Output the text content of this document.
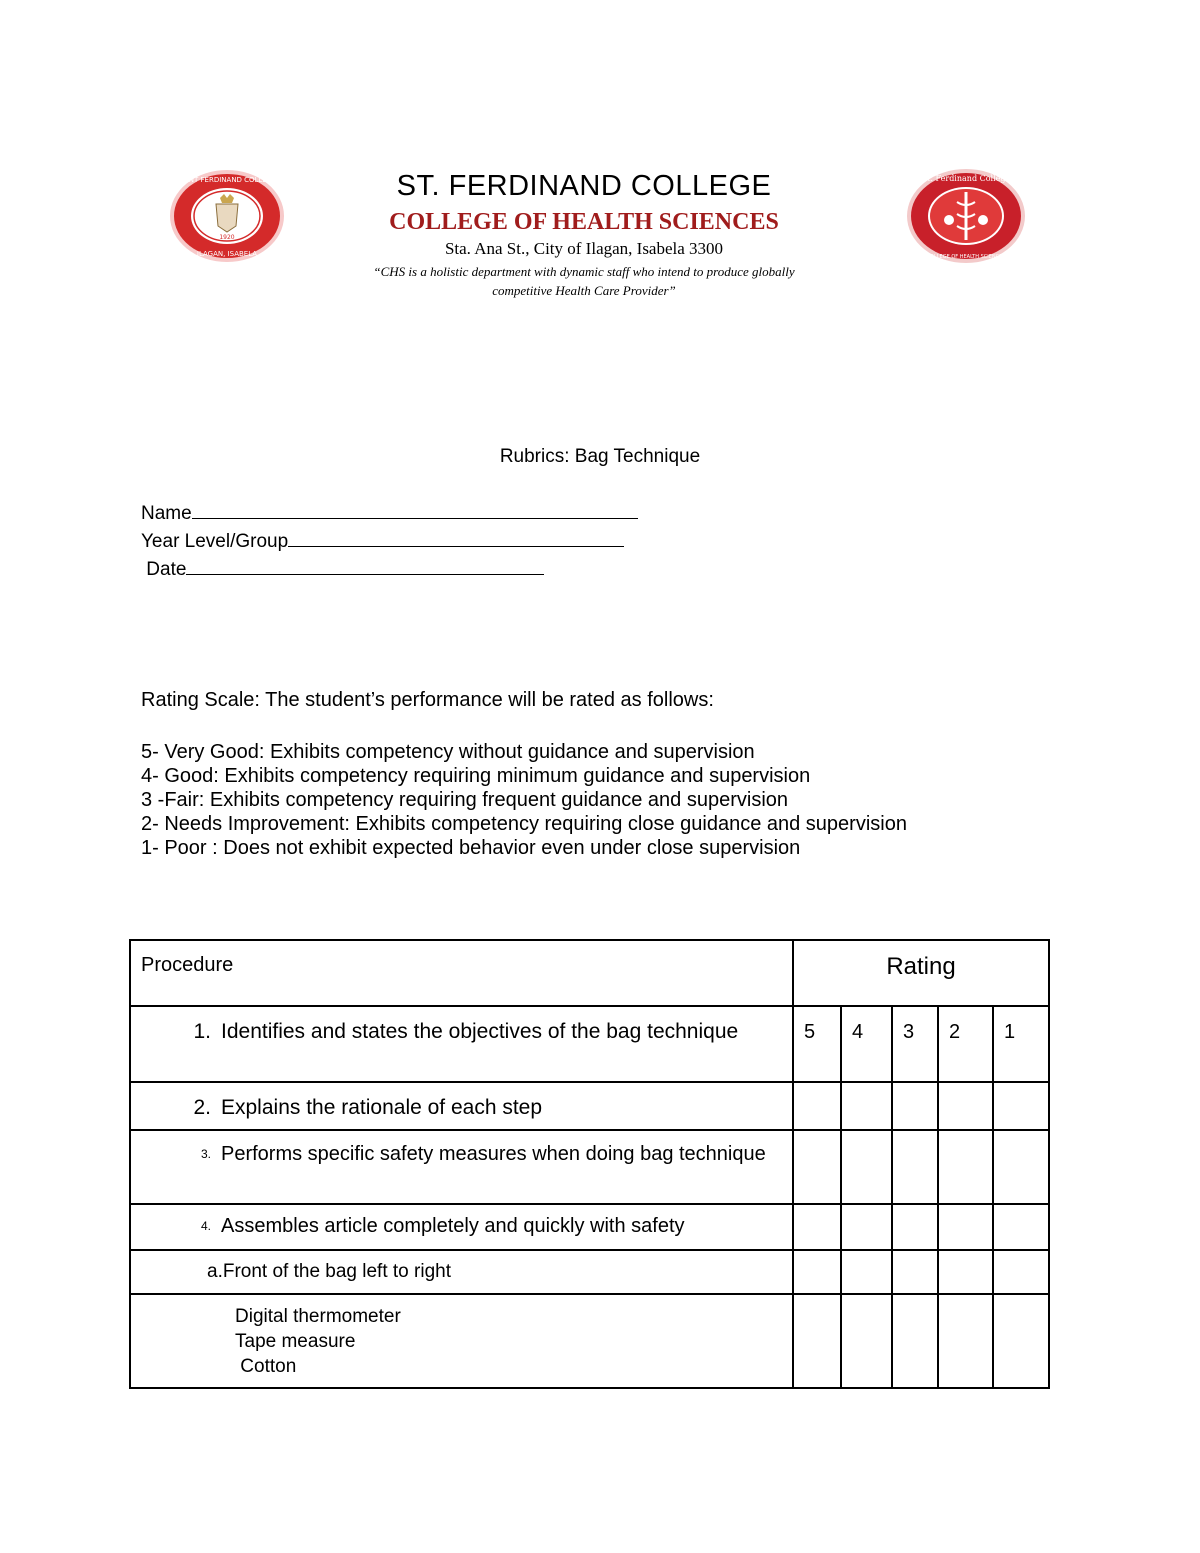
1920
SAINT FERDINAND COLLEGE
ILAGAN, ISABELA
St. Ferdinand College
COLLEGE OF HEALTH SCIENCES
ST. FERDINAND COLLEGE
COLLEGE OF HEALTH SCIENCES
Sta. Ana St., City of Ilagan, Isabela 3300
“CHS is a holistic department with dynamic staff who intend to produce globally
competitive Health Care Provider”
Rubrics: Bag Technique
Name
Year Level/Group
Date
Rating Scale: The student’s performance will be rated as follows:
5- Very Good: Exhibits competency without guidance and supervision
4- Good: Exhibits competency requiring minimum guidance and supervision
3 -Fair: Exhibits competency requiring frequent guidance and supervision
2- Needs Improvement: Exhibits competency requiring close guidance and supervision
1- Poor : Does not exhibit expected behavior even under close supervision
Procedure	Rating				

1. Identifies and states the objectives of the bag technique	5	4	3	2	1

2. Explains the rationale of each step					

3. Performs specific safety measures when doing bag technique					

4. Assembles article completely and quickly with safety					

a.Front of the bag left to right					

Digital thermometer
Tape measure
Cotton					
